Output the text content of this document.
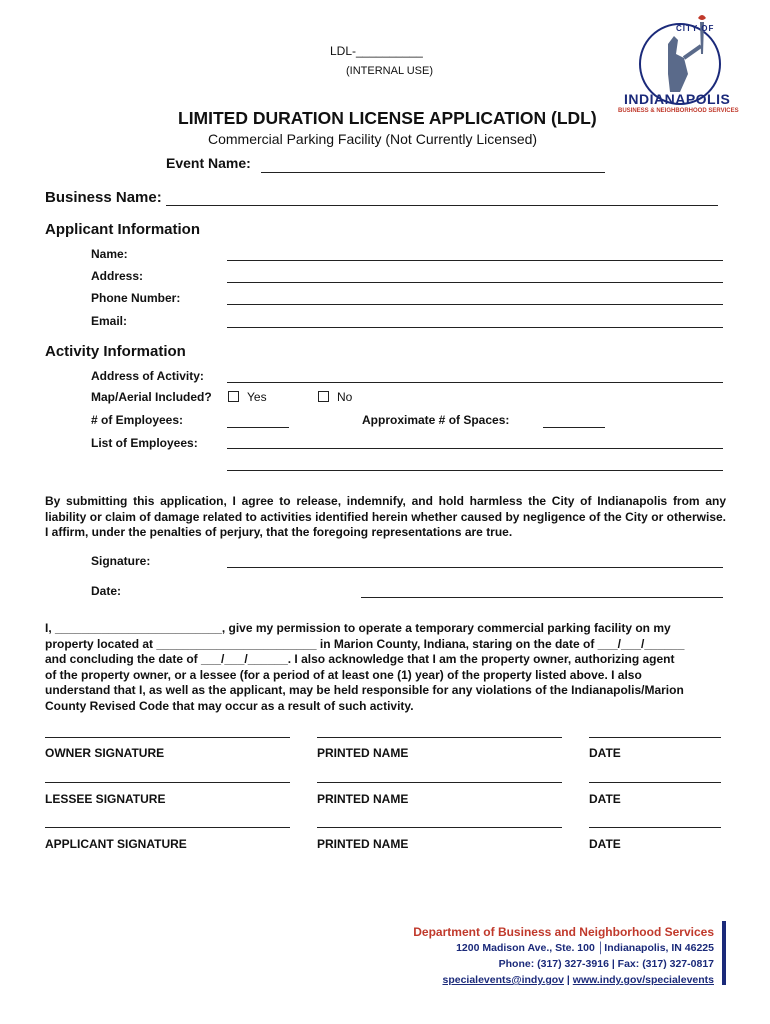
LDL-__________
(INTERNAL USE)
CITY OF
INDIANAPOLIS
BUSINESS & NEIGHBORHOOD SERVICES
LIMITED DURATION LICENSE APPLICATION (LDL)
Commercial Parking Facility (Not Currently Licensed)
Event Name:
Business Name:
Applicant Information
Name:
Address:
Phone Number:
Email:
Activity Information
Address of Activity:
Map/Aerial Included?	Yes	No
# of Employees:	Approximate # of Spaces:
List of Employees:
By submitting this application, I agree to release, indemnify, and hold harmless the City of Indianapolis from any liability or claim of damage related to activities identified herein whether caused by negligence of the City or otherwise. I affirm, under the penalties of perjury, that the foregoing representations are true.
Signature:
Date:
I, _________________________, give my permission to operate a temporary commercial parking facility on my
property located at ________________________ in Marion County, Indiana, staring on the date of ___/___/______
and concluding the date of ___/___/______. I also acknowledge that I am the property owner, authorizing agent
of the property owner, or a lessee (for a period of at least one (1) year) of the property listed above. I also
understand that I, as well as the applicant, may be held responsible for any violations of the Indianapolis/Marion
County Revised Code that may occur as a result of such activity.
OWNER SIGNATURE	PRINTED NAME	DATE
LESSEE SIGNATURE	PRINTED NAME	DATE
APPLICANT SIGNATURE	PRINTED NAME	DATE
Department of Business and Neighborhood Services
1200 Madison Ave., Ste. 100 │Indianapolis, IN 46225
Phone: (317) 327-3916 | Fax: (317) 327-0817
specialevents@indy.gov | www.indy.gov/specialevents
